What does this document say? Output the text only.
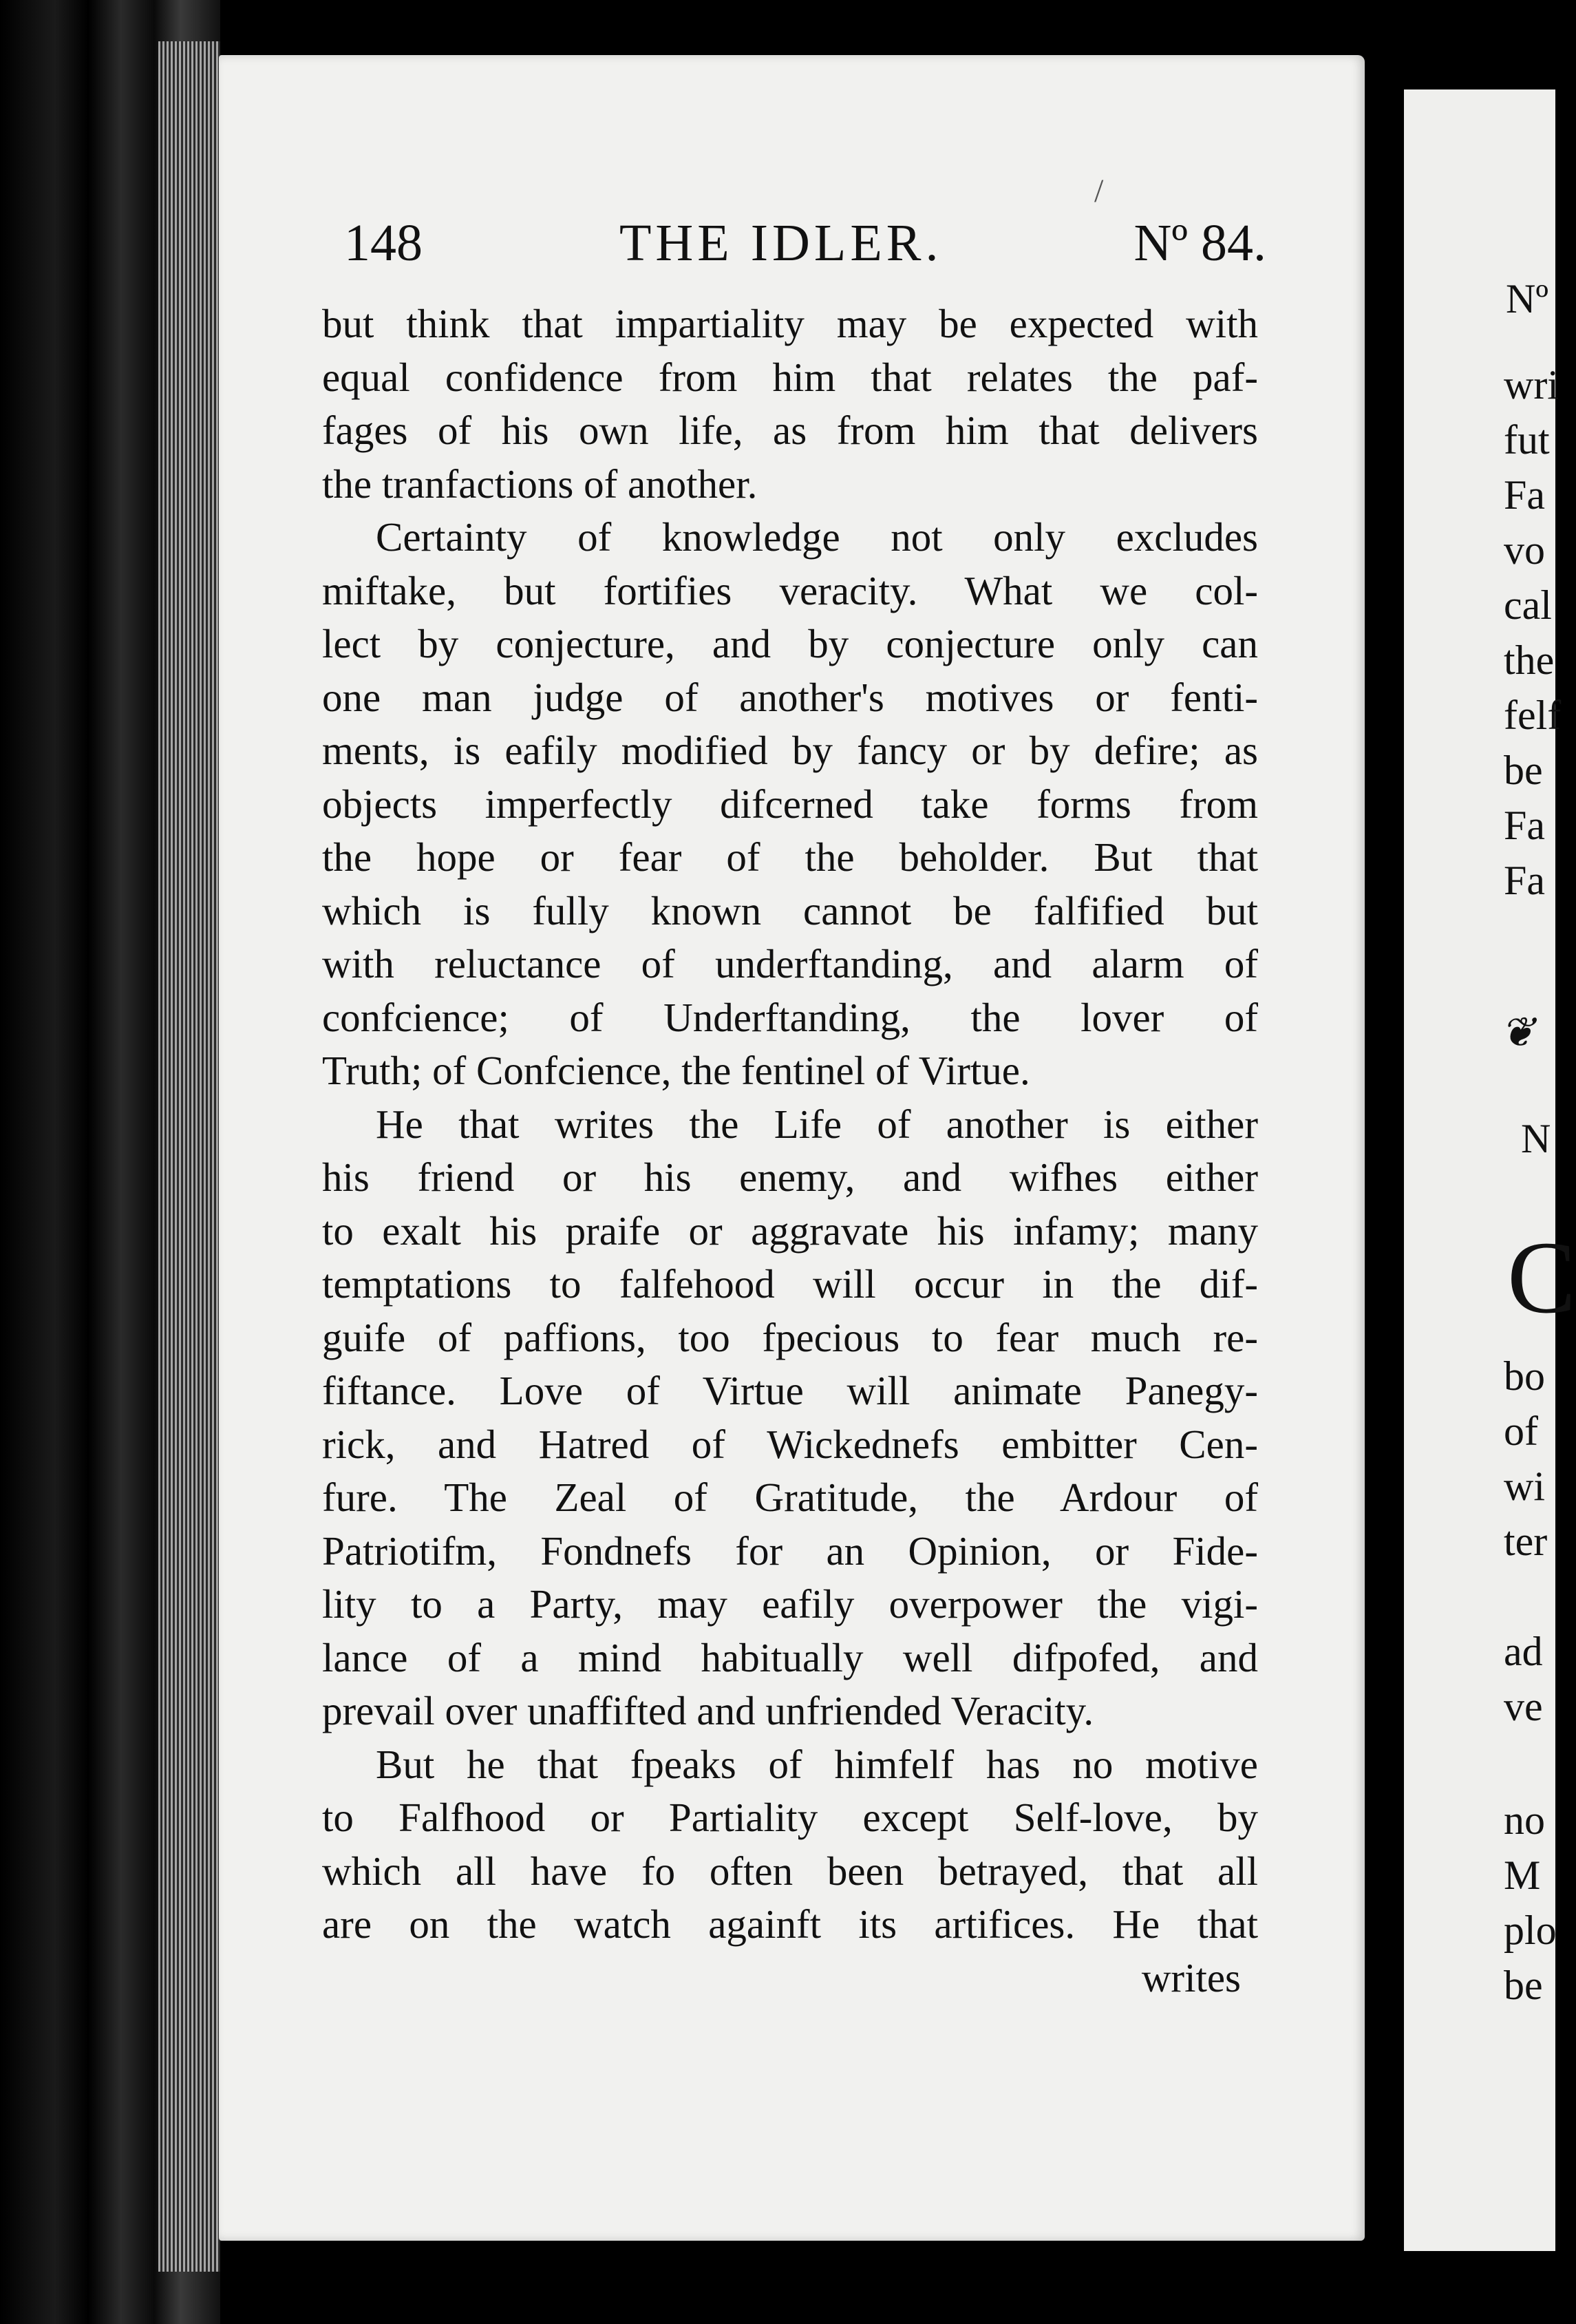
/
148	THE IDLER.	Nº 84.
but think that impartiality may be expected with
equal confidence from him that relates the paf-
fages of his own life, as from him that delivers
the tranfactions of another.
Certainty of knowledge not only excludes
miftake, but fortifies veracity. What we col-
lect by conjecture, and by conjecture only can
one man judge of another's motives or fenti-
ments, is eafily modified by fancy or by defire; as
objects imperfectly difcerned take forms from
the hope or fear of the beholder. But that
which is fully known cannot be falfified but
with reluctance of underftanding, and alarm of
confcience; of Underftanding, the lover of
Truth; of Confcience, the fentinel of Virtue.
He that writes the Life of another is either
his friend or his enemy, and wifhes either
to exalt his praife or aggravate his infamy; many
temptations to falfehood will occur in the dif-
guife of paffions, too fpecious to fear much re-
fiftance. Love of Virtue will animate Panegy-
rick, and Hatred of Wickednefs embitter Cen-
fure. The Zeal of Gratitude, the Ardour of
Patriotifm, Fondnefs for an Opinion, or Fide-
lity to a Party, may eafily overpower the vigi-
lance of a mind habitually well difpofed, and
prevail over unaffifted and unfriended Veracity.
But he that fpeaks of himfelf has no motive
to Falfhood or Partiality except Self-love, by
which all have fo often been betrayed, that all
are on the watch againft its artifices. He that
writes
Nº
wri
fut
Fa
vo
cal
the
felf
be
Fa
Fa
❦
N
C
bo
of
wi
ter
ad
ve
no
M
plo
be
